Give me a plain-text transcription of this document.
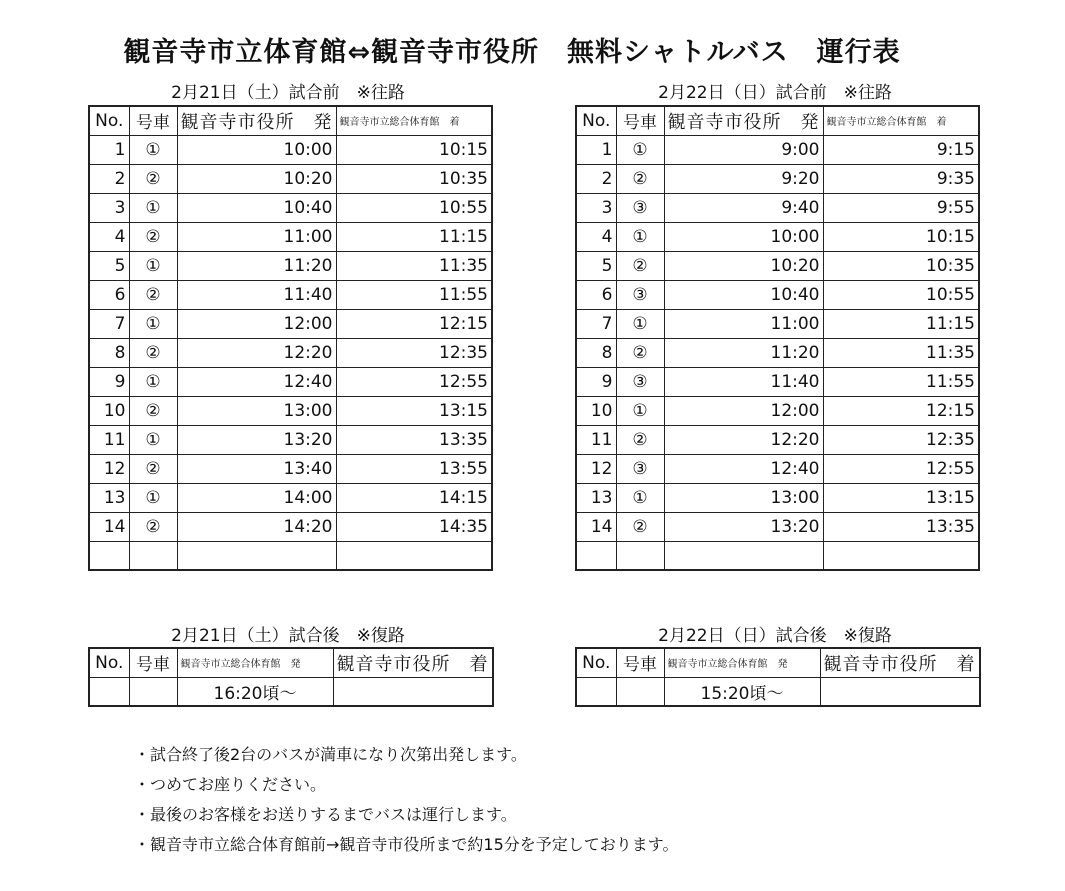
観音寺市立体育館⇔観音寺市役所　無料シャトルバス　運行表
2月21日（土）試合前　※往路	2月22日（日）試合前　※往路
No.	号車	観音寺市役所　発	観音寺市立総合体育館　着
1	①	10:00	10:15
2	②	10:20	10:35
3	①	10:40	10:55
4	②	11:00	11:15
5	①	11:20	11:35
6	②	11:40	11:55
7	①	12:00	12:15
8	②	12:20	12:35
9	①	12:40	12:55
10	②	13:00	13:15
11	①	13:20	13:35
12	②	13:40	13:55
13	①	14:00	14:15
14	②	14:20	14:35

No.	号車	観音寺市役所　発	観音寺市立総合体育館　着
1	①	9:00	9:15
2	②	9:20	9:35
3	③	9:40	9:55
4	①	10:00	10:15
5	②	10:20	10:35
6	③	10:40	10:55
7	①	11:00	11:15
8	②	11:20	11:35
9	③	11:40	11:55
10	①	12:00	12:15
11	②	12:20	12:35
12	③	12:40	12:55
13	①	13:00	13:15
14	②	13:20	13:35

2月21日（土）試合後　※復路	2月22日（日）試合後　※復路
No.	号車	観音寺市立総合体育館　発	観音寺市役所　着
		16:20頃～	
No.	号車	観音寺市立総合体育館　発	観音寺市役所　着
		15:20頃～	
・試合終了後2台のバスが満車になり次第出発します。
・つめてお座りください。
・最後のお客様をお送りするまでバスは運行します。
・観音寺市立総合体育館前→観音寺市役所まで約15分を予定しております。
